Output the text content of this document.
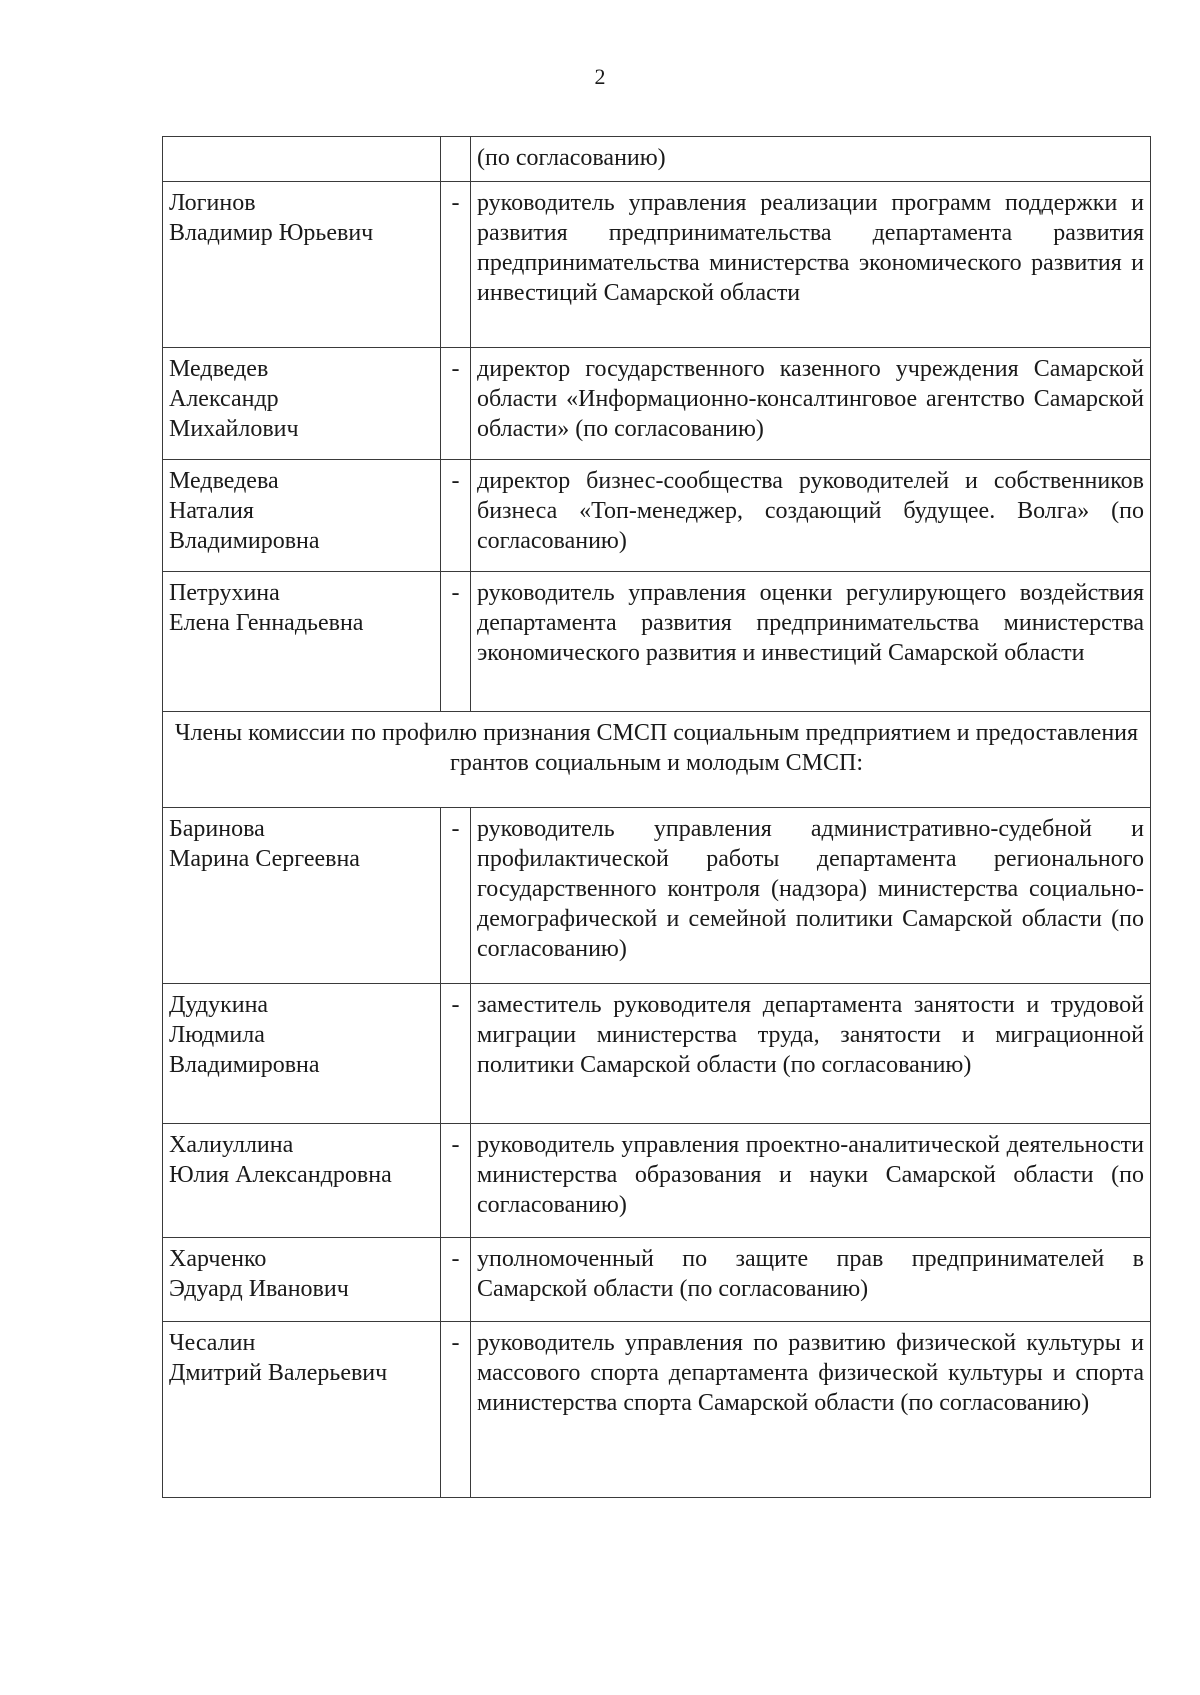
2
		(по согласованию)

Логинов
Владимир Юрьевич	-	руководитель управления реализации программ поддержки и развития предпринимательства департамента развития предпринимательства министерства экономического развития и инвестиций Самарской области

Медведев
Александр
Михайлович	-	директор государственного казенного учреждения Самарской области «Информационно-консалтинговое агентство Самарской области» (по согласованию)

Медведева
Наталия
Владимировна	-	директор бизнес-сообщества руководителей и собственников бизнеса «Топ-менеджер, создающий будущее. Волга» (по согласованию)

Петрухина
Елена Геннадьевна	-	руководитель управления оценки регулирующего воздействия департамента развития предпринимательства министерства экономического развития и инвестиций Самарской области
Члены комиссии по профилю признания СМСП социальным предприятием и предоставления грантов социальным и молодым СМСП:		

Баринова
Марина Сергеевна	-	руководитель управления административно-судебной и профилактической работы департамента регионального государственного контроля (надзора) министерства социально-демографической и семейной политики Самарской области (по согласованию)

Дудукина
Людмила
Владимировна	-	заместитель руководителя департамента занятости и трудовой миграции министерства труда, занятости и миграционной политики Самарской области (по согласованию)

Халиуллина
Юлия Александровна	-	руководитель управления проектно-аналитической деятельности министерства образования и науки Самарской области (по согласованию)

Харченко
Эдуард Иванович	-	уполномоченный по защите прав предпринимателей в Самарской области (по согласованию)

Чесалин
Дмитрий Валерьевич	-	руководитель управления по развитию физической культуры и массового спорта департамента физической культуры и спорта министерства спорта Самарской области (по согласованию)
